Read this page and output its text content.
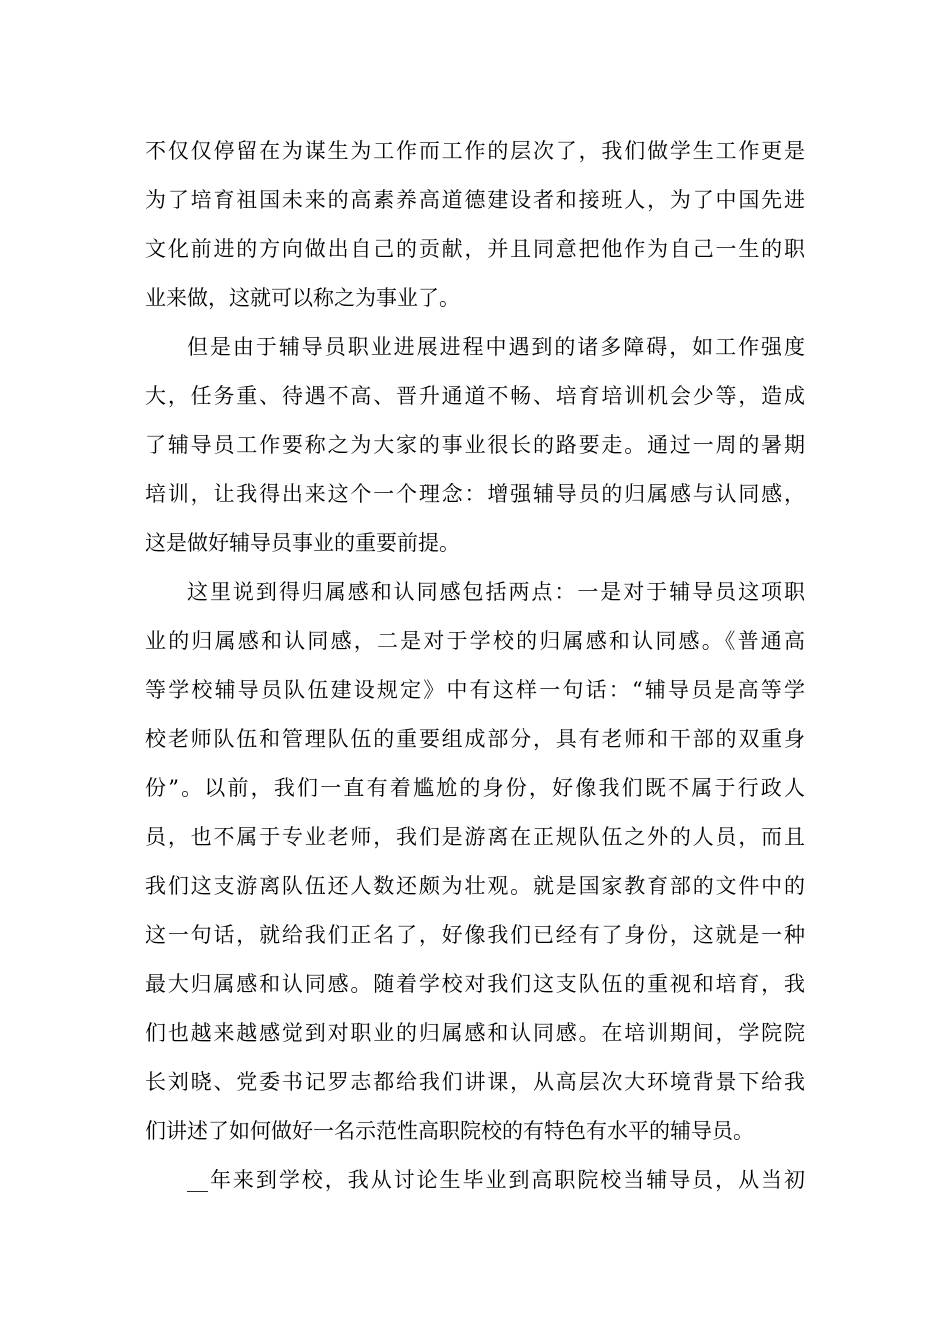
不仅仅停留在为谋生为工作而工作的层次了，我们做学生工作更是
为了培育祖国未来的高素养高道德建设者和接班人，为了中国先进
文化前进的方向做出自己的贡献，并且同意把他作为自己一生的职
业来做，这就可以称之为事业了。
但是由于辅导员职业进展进程中遇到的诸多障碍，如工作强度
大，任务重、待遇不高、晋升通道不畅、培育培训机会少等，造成
了辅导员工作要称之为大家的事业很长的路要走。通过一周的暑期
培训，让我得出来这个一个理念：增强辅导员的归属感与认同感，
这是做好辅导员事业的重要前提。
这里说到得归属感和认同感包括两点：一是对于辅导员这项职
业的归属感和认同感，二是对于学校的归属感和认同感。《普通高
等学校辅导员队伍建设规定》中有这样一句话：“辅导员是高等学
校老师队伍和管理队伍的重要组成部分，具有老师和干部的双重身
份”。以前，我们一直有着尴尬的身份，好像我们既不属于行政人
员，也不属于专业老师，我们是游离在正规队伍之外的人员，而且
我们这支游离队伍还人数还颇为壮观。就是国家教育部的文件中的
这一句话，就给我们正名了，好像我们已经有了身份，这就是一种
最大归属感和认同感。随着学校对我们这支队伍的重视和培育，我
们也越来越感觉到对职业的归属感和认同感。在培训期间，学院院
长刘晓、党委书记罗志都给我们讲课，从高层次大环境背景下给我
们讲述了如何做好一名示范性高职院校的有特色有水平的辅导员。
__年来到学校，我从讨论生毕业到高职院校当辅导员，从当初
